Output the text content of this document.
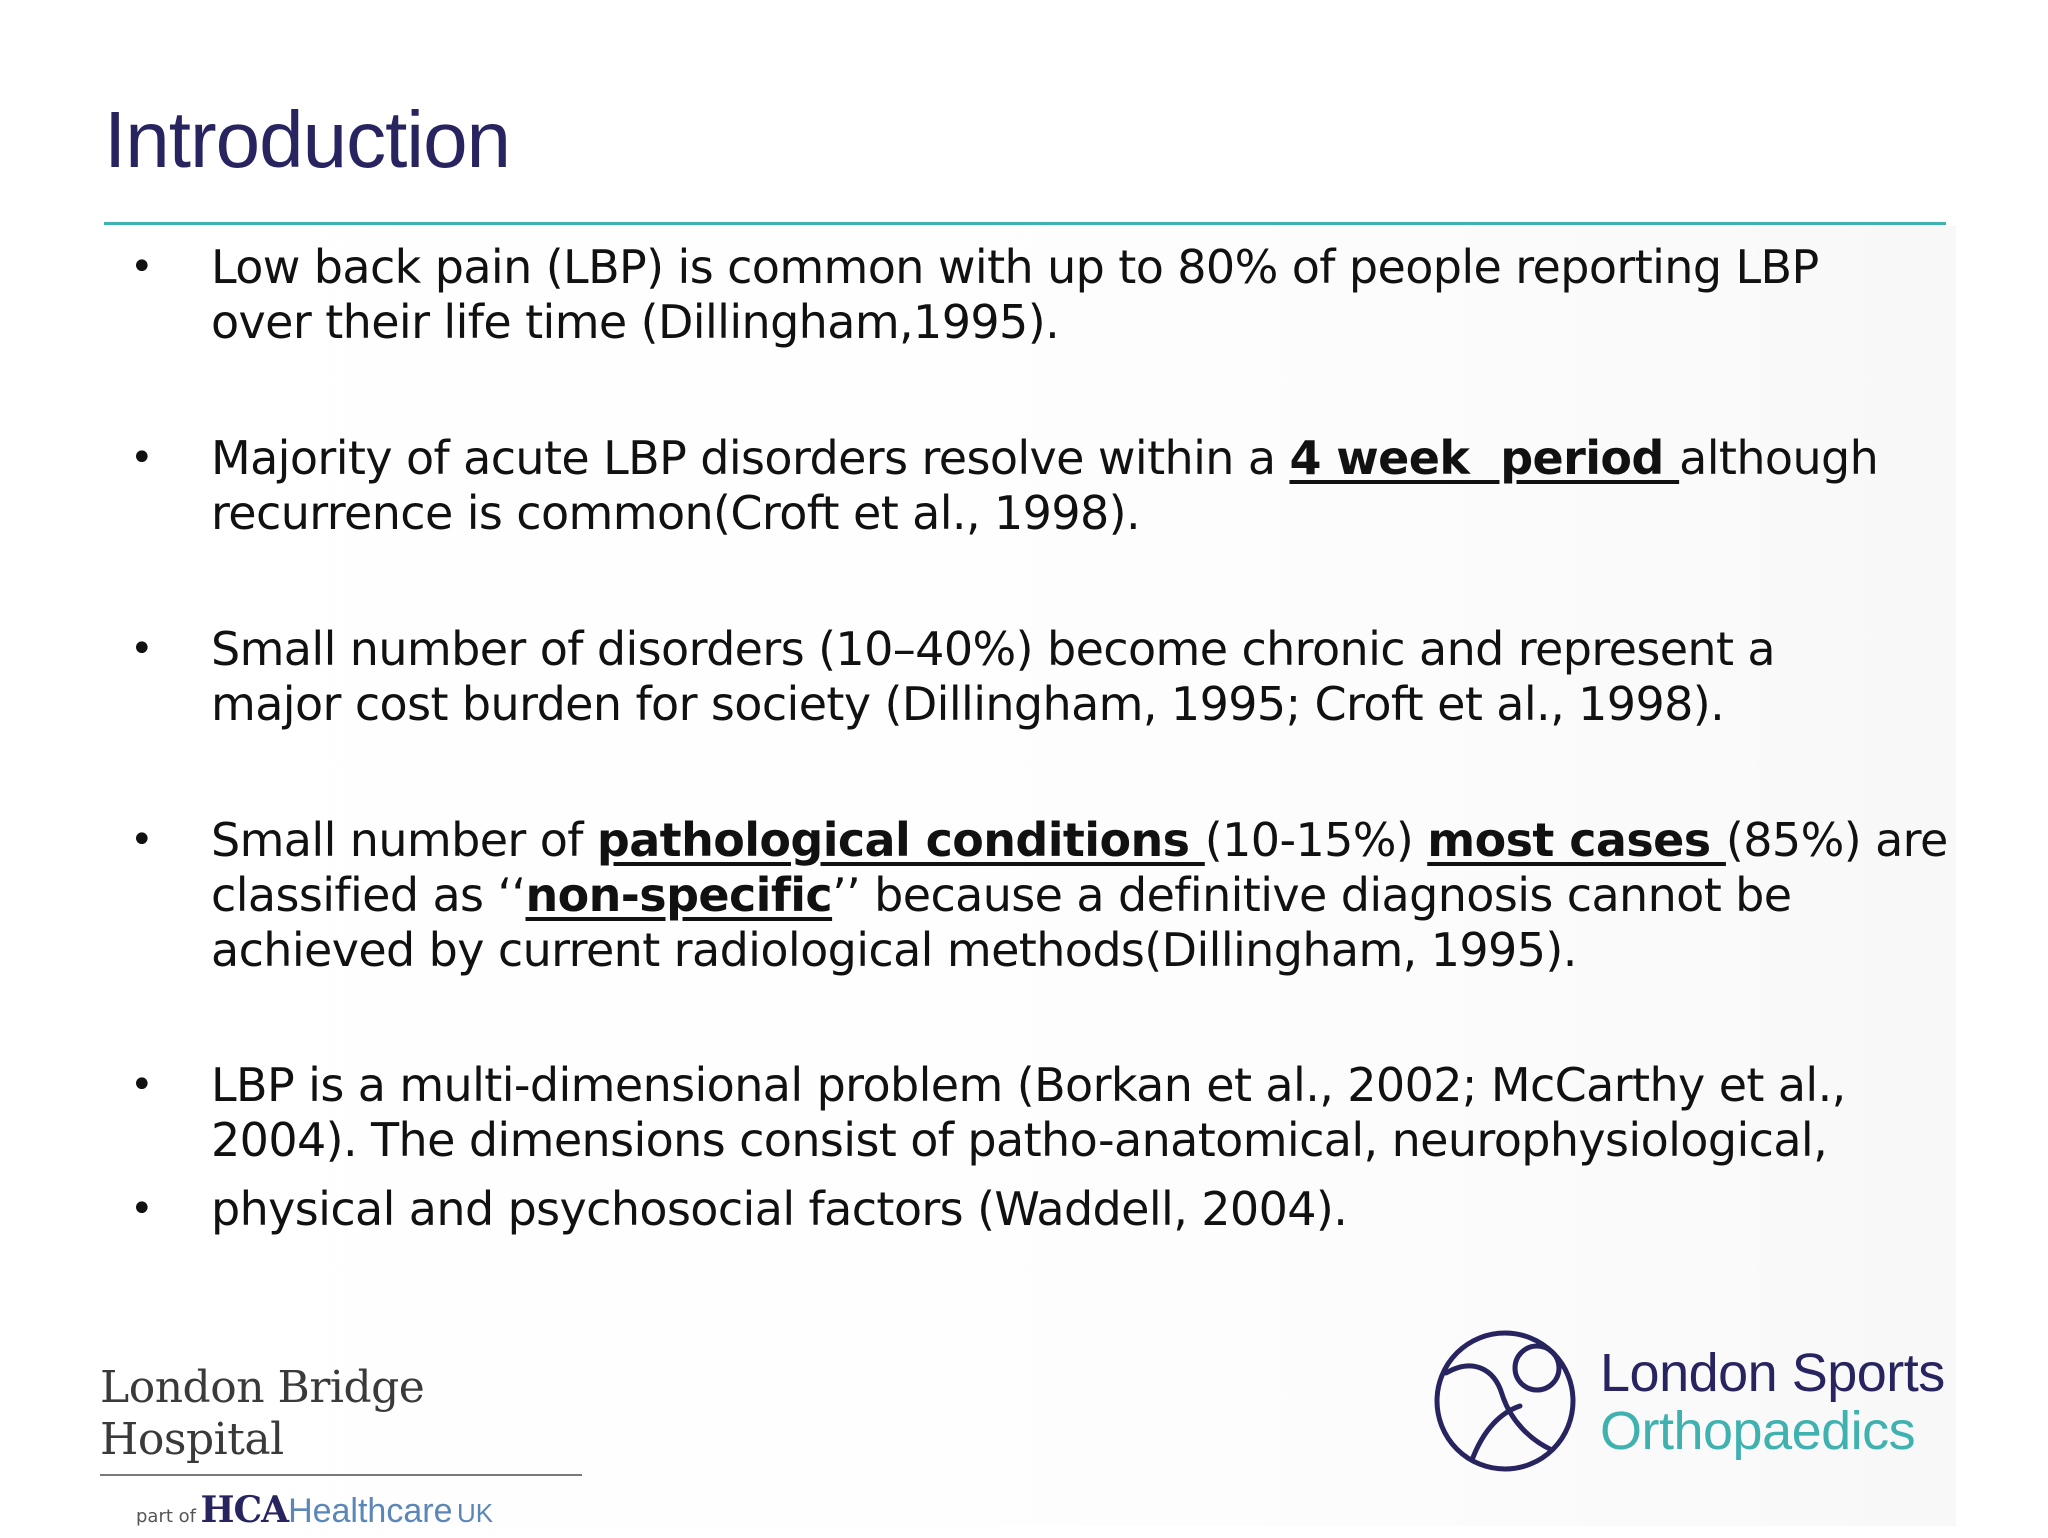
Introduction
•	Low back pain (LBP) is common with up to 80% of people reporting LBP
over their life time (Dillingham,1995).
•	Majority of acute LBP disorders resolve within a 4 week  period although
recurrence is common(Croft et al., 1998).
•	Small number of disorders (10–40%) become chronic and represent a
major cost burden for society (Dillingham, 1995; Croft et al., 1998).
•	Small number of pathological conditions (10-15%) most cases (85%) are
classified as ‘‘non-specific’’ because a definitive diagnosis cannot be
achieved by current radiological methods(Dillingham, 1995).
•	LBP is a multi-dimensional problem (Borkan et al., 2002; McCarthy et al.,
2004). The dimensions consist of patho-anatomical, neurophysiological,
•	physical and psychosocial factors (Waddell, 2004).
London Bridge Hospital
part of HCAHealthcare UK
London Sports
Orthopaedics
